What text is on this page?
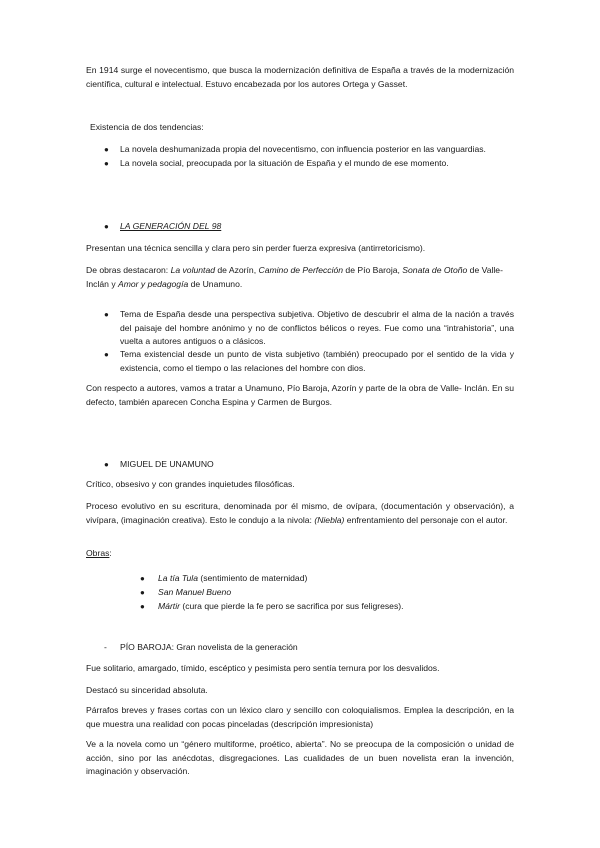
En 1914 surge el novecentismo, que busca la modernización definitiva de España a través de la modernización científica, cultural e intelectual. Estuvo encabezada por los autores Ortega y Gasset.

Existencia de dos tendencias:

● La novela deshumanizada propia del novecentismo, con influencia posterior en las vanguardias.

● La novela social, preocupada por la situación de España y el mundo de ese momento.

● LA GENERACIÓN DEL 98

Presentan una técnica sencilla y clara pero sin perder fuerza expresiva (antirretoricismo).

De obras destacaron: La voluntad de Azorín, Camino de Perfección de Pío Baroja, Sonata de Otoño de Valle- Inclán y Amor y pedagogía de Unamuno.

● Tema de España desde una perspectiva subjetiva. Objetivo de descubrir el alma de la nación a través del paisaje del hombre anónimo y no de conflictos bélicos o reyes. Fue como una “intrahistoria”, una vuelta a autores antiguos o a clásicos.

● Tema existencial desde un punto de vista subjetivo (también) preocupado por el sentido de la vida y existencia, como el tiempo o las relaciones del hombre con dios.

Con respecto a autores, vamos a tratar a Unamuno, Pío Baroja, Azorín y parte de la obra de Valle- Inclán. En su defecto, también aparecen Concha Espina y Carmen de Burgos.

● MIGUEL DE UNAMUNO

Crítico, obsesivo y con grandes inquietudes filosóficas.

Proceso evolutivo en su escritura, denominada por él mismo, de ovípara, (documentación y observación), a vivípara, (imaginación creativa). Esto le condujo a la nivola: (Niebla) enfrentamiento del personaje con el autor.

Obras:

● La tía Tula (sentimiento de maternidad)

● San Manuel Bueno

● Mártir (cura que pierde la fe pero se sacrifica por sus feligreses).

- PÍO BAROJA: Gran novelista de la generación

Fue solitario, amargado, tímido, escéptico y pesimista pero sentía ternura por los desvalidos.

Destacó su sinceridad absoluta.

Párrafos breves y frases cortas con un léxico claro y sencillo con coloquialismos. Emplea la descripción, en la que muestra una realidad con pocas pinceladas (descripción impresionista)

Ve a la novela como un “género multiforme, proético, abierta”. No se preocupa de la composición o unidad de acción, sino por las anécdotas, disgregaciones. Las cualidades de un buen novelista eran la invención, imaginación y observación.
